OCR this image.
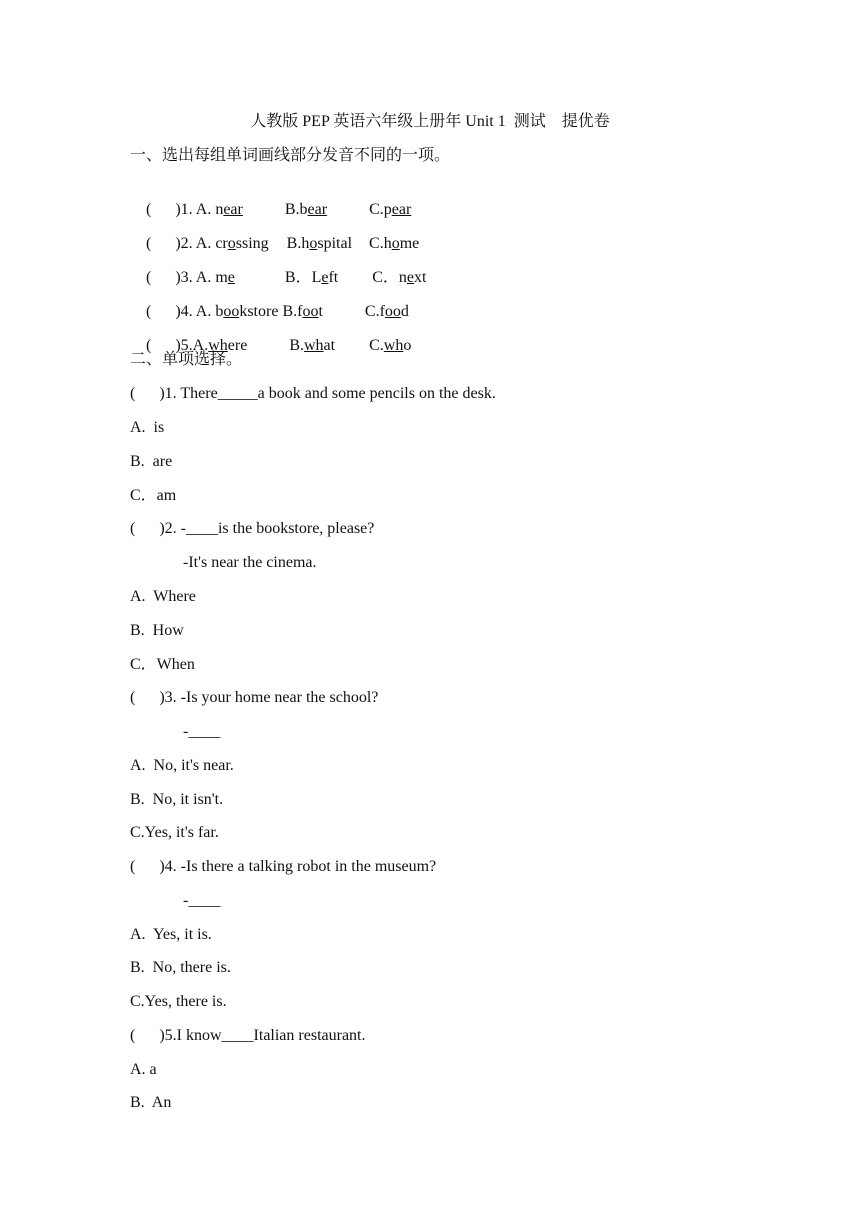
人教版 PEP 英语六年级上册年 Unit 1  测试    提优卷
一、选出每组单词画线部分发音不同的一项。

(      )1. A. near	B.bear	C.pear

(      )2. A. crossing B.hospital C.home

(      )3. A. me	B．Left C．next

(      )4. A. bookstore B.foot	C.food

(      )5.A.where	B.what C.who

二、单项选择。
(      )1. There_____a book and some pencils on the desk.
A.  is
B.  are
C．am
(      )2. -____is the bookstore, please?
-It's near the cinema.
A.  Where
B.  How
C．When
(      )3. -Is your home near the school?
-____
A.  No, it's near.
B.  No, it isn't.
C.Yes, it's far.
(      )4. -Is there a talking robot in the museum?
-____
A.  Yes, it is.
B.  No, there is.
C.Yes, there is.
(      )5.I know____Italian restaurant.
A. a
B.  An
